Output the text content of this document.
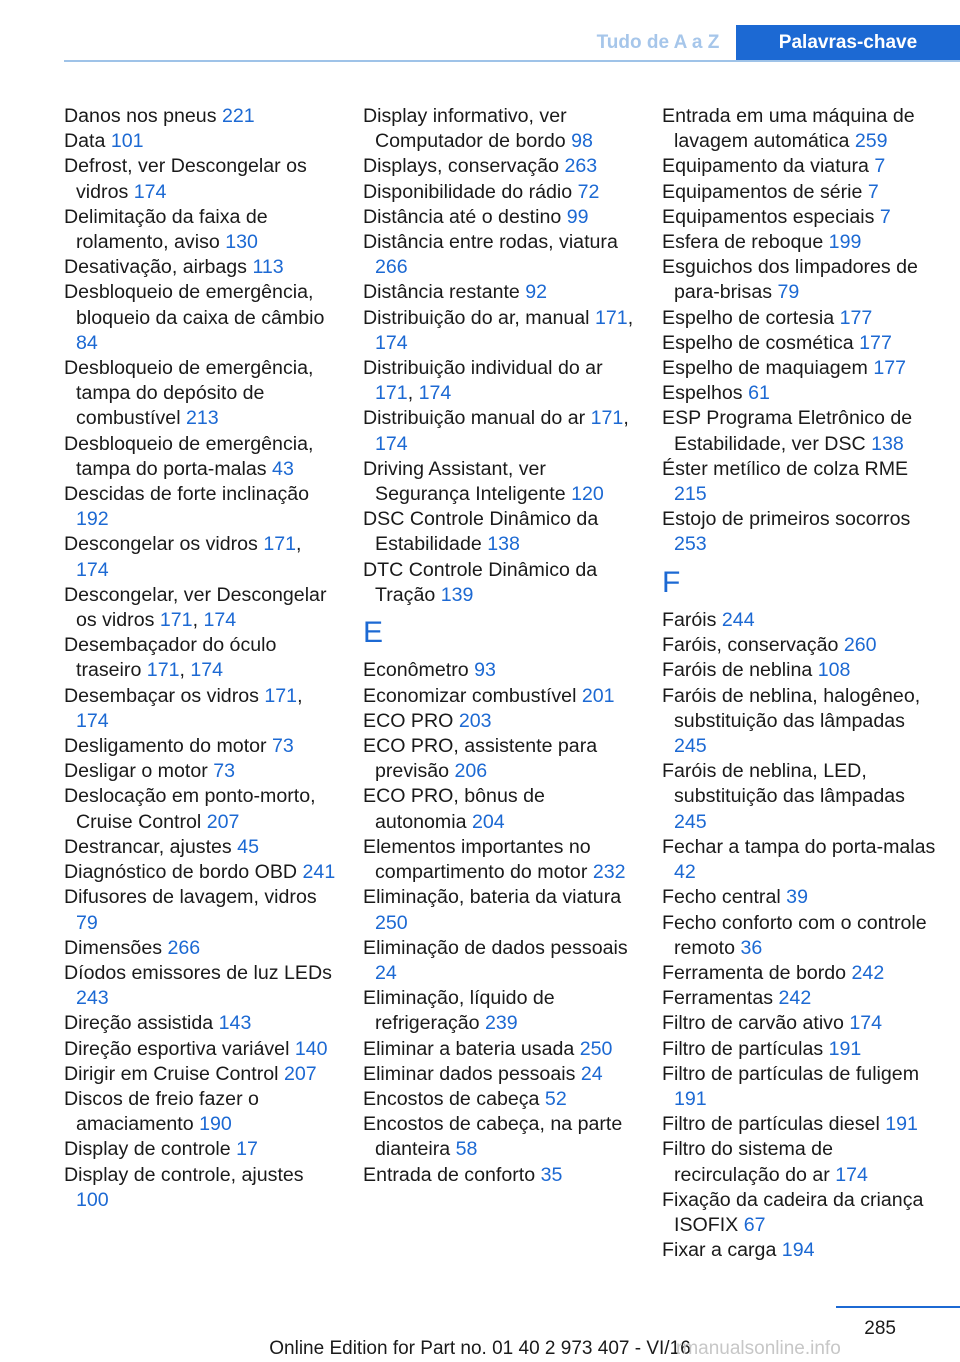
Tudo de A a Z	Palavras-chave
Danos nos pneus 221
Data 101
Defrost, ver Descongelar os vidros 174
Delimitação da faixa de rolamento, aviso 130
Desativação, airbags 113
Desbloqueio de emergência, bloqueio da caixa de câmbio 84
Desbloqueio de emergência, tampa do depósito de combustível 213
Desbloqueio de emergência, tampa do porta-malas 43
Descidas de forte inclinação 192
Descongelar os vidros 171, 174
Descongelar, ver Descongelar os vidros 171, 174
Desembaçador do óculo traseiro 171, 174
Desembaçar os vidros 171, 174
Desligamento do motor 73
Desligar o motor 73
Deslocação em ponto-morto, Cruise Control 207
Destrancar, ajustes 45
Diagnóstico de bordo OBD 241
Difusores de lavagem, vidros 79
Dimensões 266
Díodos emissores de luz LEDs 243
Direção assistida 143
Direção esportiva variável 140
Dirigir em Cruise Control 207
Discos de freio fazer o amaciamento 190
Display de controle 17
Display de controle, ajustes 100
Display informativo, ver Computador de bordo 98
Displays, conservação 263
Disponibilidade do rádio 72
Distância até o destino 99
Distância entre rodas, viatura 266
Distância restante 92
Distribuição do ar, manual 171, 174
Distribuição individual do ar 171, 174
Distribuição manual do ar 171, 174
Driving Assistant, ver Segurança Inteligente 120
DSC Controle Dinâmico da Estabilidade 138
DTC Controle Dinâmico da Tração 139
E
Econômetro 93
Economizar combustível 201
ECO PRO 203
ECO PRO, assistente para previsão 206
ECO PRO, bônus de autonomia 204
Elementos importantes no compartimento do motor 232
Eliminação, bateria da viatura 250
Eliminação de dados pessoais 24
Eliminação, líquido de refrigeração 239
Eliminar a bateria usada 250
Eliminar dados pessoais 24
Encostos de cabeça 52
Encostos de cabeça, na parte dianteira 58
Entrada de conforto 35
Entrada em uma máquina de lavagem automática 259
Equipamento da viatura 7
Equipamentos de série 7
Equipamentos especiais 7
Esfera de reboque 199
Esguichos dos limpadores de para-brisas 79
Espelho de cortesia 177
Espelho de cosmética 177
Espelho de maquiagem 177
Espelhos 61
ESP Programa Eletrônico de Estabilidade, ver DSC 138
Éster metílico de colza RME 215
Estojo de primeiros socorros 253
F
Faróis 244
Faróis, conservação 260
Faróis de neblina 108
Faróis de neblina, halogêneo, substituição das lâmpadas 245
Faróis de neblina, LED, substituição das lâmpadas 245
Fechar a tampa do porta-malas 42
Fecho central 39
Fecho conforto com o controle remoto 36
Ferramenta de bordo 242
Ferramentas 242
Filtro de carvão ativo 174
Filtro de partículas 191
Filtro de partículas de fuligem 191
Filtro de partículas diesel 191
Filtro do sistema de recirculação do ar 174
Fixação da cadeira da criança ISOFIX 67
Fixar a carga 194
285
Online Edition for Part no. 01 40 2 973 407 - VI/16
rmanualsonline.info
